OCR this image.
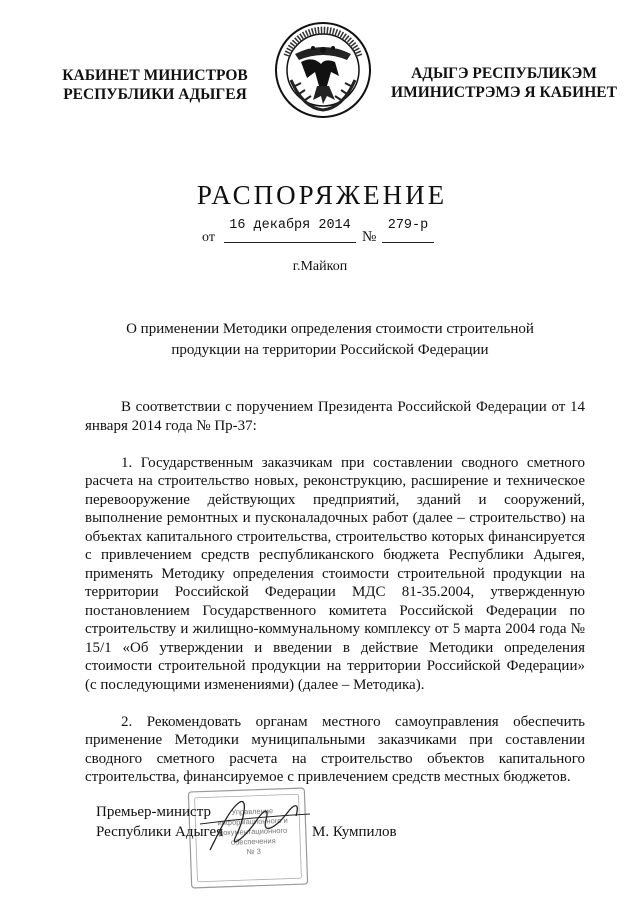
КАБИНЕТ МИНИСТРОВ
РЕСПУБЛИКИ АДЫГЕЯ
АДЫГЭ РЕСПУБЛИКЭМ
ИМИНИСТРЭМЭ Я КАБИНЕТ
РАСПОРЯЖЕНИЕ
от
16 декабря 2014
№
279-р
г.Майкоп
О применении Методики определения стоимости строительной
продукции на территории Российской Федерации

В соответствии с поручением Президента Российской Федерации от 14 января 2014 года № Пр-37:

1. Государственным заказчикам при составлении сводного сметного расчета на строительство новых, реконструкцию, расширение и техническое перевооружение действующих предприятий, зданий и сооружений, выполнение ремонтных и пусконаладочных работ (далее – строительство) на объектах капитального строительства, строительство которых финансируется с привлечением средств республиканского бюджета Республики Адыгея, применять Методику определения стоимости строительной продукции на территории Российской Федерации МДС 81-35.2004, утвержденную постановлением Государственного комитета Российской Федерации по строительству и жилищно-коммунальному комплексу от 5 марта 2004 года № 15/1 «Об утверждении и введении в действие Методики определения стоимости строительной продукции на территории Российской Федерации» (с последующими изменениями) (далее – Методика).

2. Рекомендовать органам местного самоуправления обеспечить применение Методики муниципальными заказчиками при составлении сводного сметного расчета на строительство объектов капитального строительства, финансируемое с привлечением средств местных бюджетов.

Управление
информационного и
документационного
обеспечения
№ 3
Премьер-министр
Республики Адыгея	М. Кумпилов
